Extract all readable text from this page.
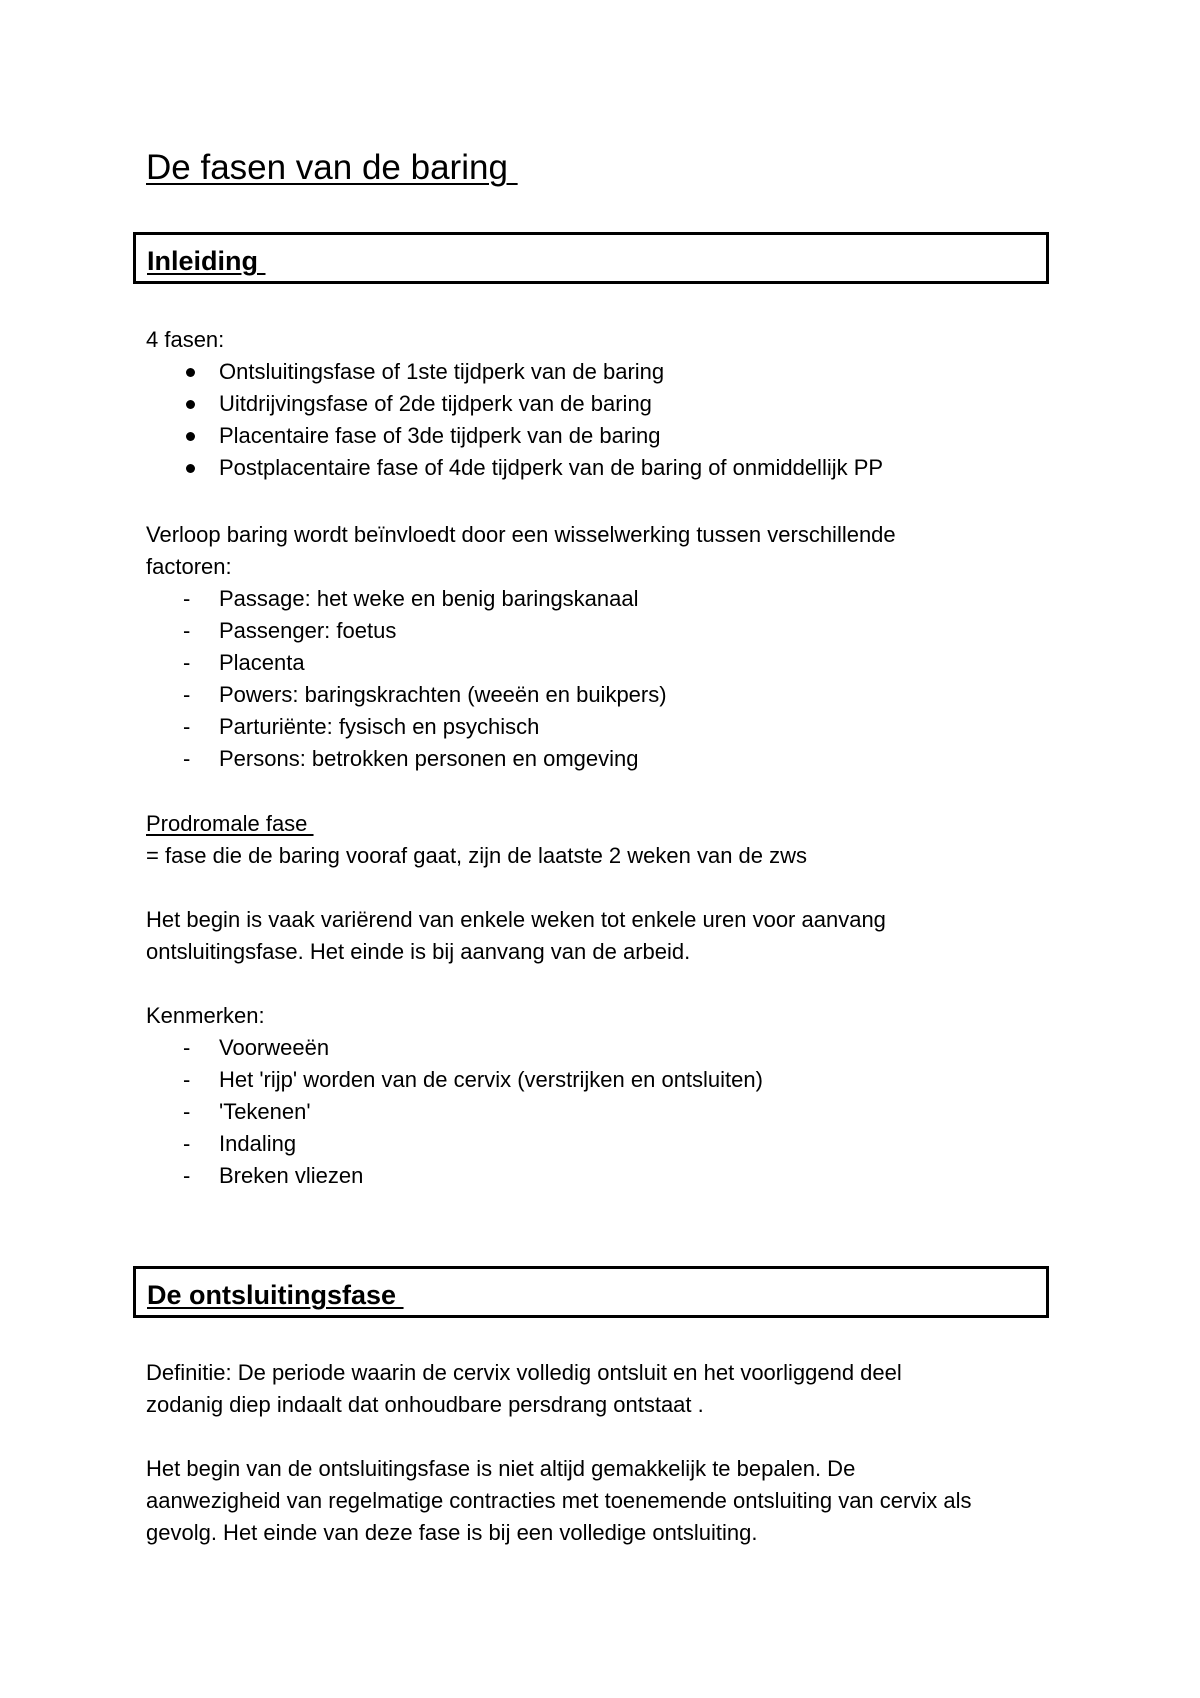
De fasen van de baring
Inleiding

4 fasen:

Ontsluitingsfase of 1ste tijdperk van de baring
Uitdrijvingsfase of 2de tijdperk van de baring
Placentaire fase of 3de tijdperk van de baring
Postplacentaire fase of 4de tijdperk van de baring of onmiddellijk PP

Verloop baring wordt beïnvloedt door een wisselwerking tussen verschillende

factoren:

-	Passage: het weke en benig baringskanaal
-	Passenger: foetus
-	Placenta
-	Powers: baringskrachten (weeën en buikpers)
-	Parturiënte: fysisch en psychisch
-	Persons: betrokken personen en omgeving

Prodromale fase

= fase die de baring vooraf gaat, zijn de laatste 2 weken van de zws

Het begin is vaak variërend van enkele weken tot enkele uren voor aanvang

ontsluitingsfase. Het einde is bij aanvang van de arbeid.

Kenmerken:

-	Voorweeën
-	Het 'rijp' worden van de cervix (verstrijken en ontsluiten)
-	'Tekenen'
-	Indaling
-	Breken vliezen
De ontsluitingsfase

Definitie: De periode waarin de cervix volledig ontsluit en het voorliggend deel

zodanig diep indaalt dat onhoudbare persdrang ontstaat .

Het begin van de ontsluitingsfase is niet altijd gemakkelijk te bepalen. De

aanwezigheid van regelmatige contracties met toenemende ontsluiting van cervix als

gevolg. Het einde van deze fase is bij een volledige ontsluiting.
